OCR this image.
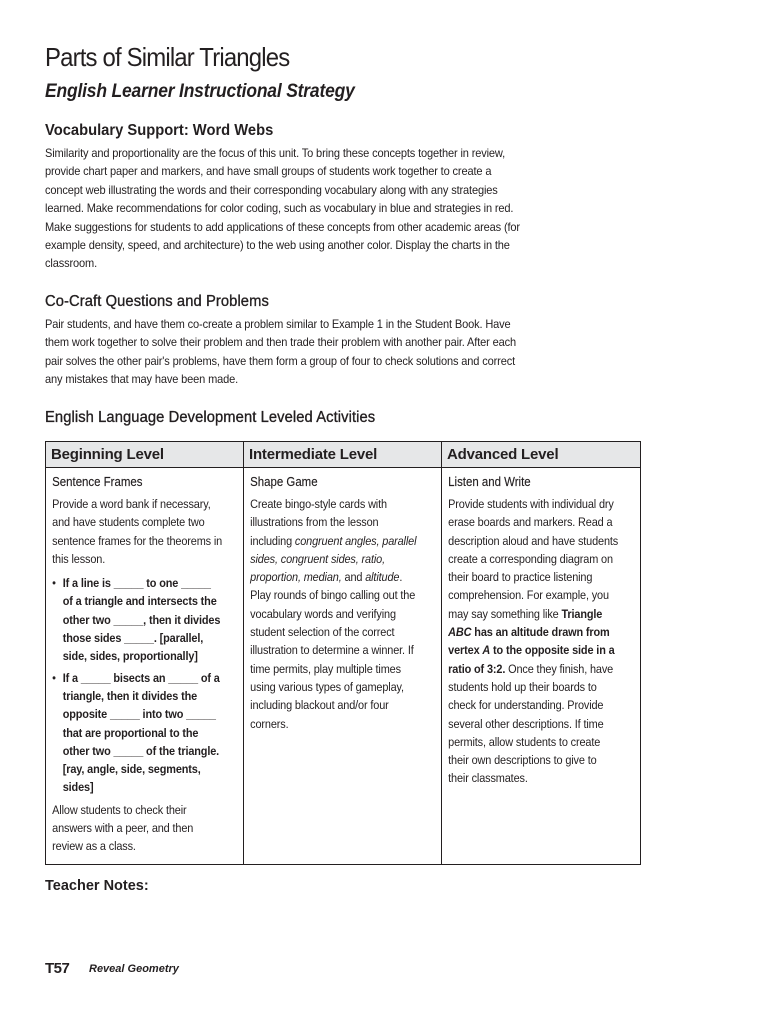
Parts of Similar Triangles
English Learner Instructional Strategy
Vocabulary Support: Word Webs

Similarity and proportionality are the focus of this unit. To bring these concepts together in review, provide chart paper and markers, and have small groups of students work together to create a concept web illustrating the words and their corresponding vocabulary along with any strategies learned. Make recommendations for color coding, such as vocabulary in blue and strategies in red. Make suggestions for students to add applications of these concepts from other academic areas (for example density, speed, and architecture) to the web using another color. Display the charts in the classroom.

Co-Craft Questions and Problems

Pair students, and have them co-create a problem similar to Example 1 in the Student Book. Have them work together to solve their problem and then trade their problem with another pair. After each pair solves the other pair's problems, have them form a group of four to check solutions and correct any mistakes that may have been made.

English Language Development Leveled Activities
Beginning Level

Sentence Frames

Provide a word bank if necessary, and have students complete two sentence frames for the theorems in this lesson.

• If a line is _____ to one _____ of a triangle and intersects the other two _____, then it divides those sides _____. [parallel, side, sides, proportionally]
• If a _____ bisects an _____ of a triangle, then it divides the opposite _____ into two _____ that are proportional to the other two _____ of the triangle. [ray, angle, side, segments, sides]

Allow students to check their answers with a peer, and then review as a class.

Intermediate Level

Shape Game

Create bingo-style cards with illustrations from the lesson including congruent angles, parallel sides, congruent sides, ratio, proportion, median, and altitude. Play rounds of bingo calling out the vocabulary words and verifying student selection of the correct illustration to determine a winner. If time permits, play multiple times using various types of gameplay, including blackout and/or four corners.

Advanced Level

Listen and Write

Provide students with individual dry erase boards and markers. Read a description aloud and have students create a corresponding diagram on their board to practice listening comprehension. For example, you may say something like Triangle ABC has an altitude drawn from vertex A to the opposite side in a ratio of 3:2. Once they finish, have students hold up their boards to check for understanding. Provide several other descriptions. If time permits, allow students to create their own descriptions to give to their classmates.

Teacher Notes:

T57 Reveal Geometry
